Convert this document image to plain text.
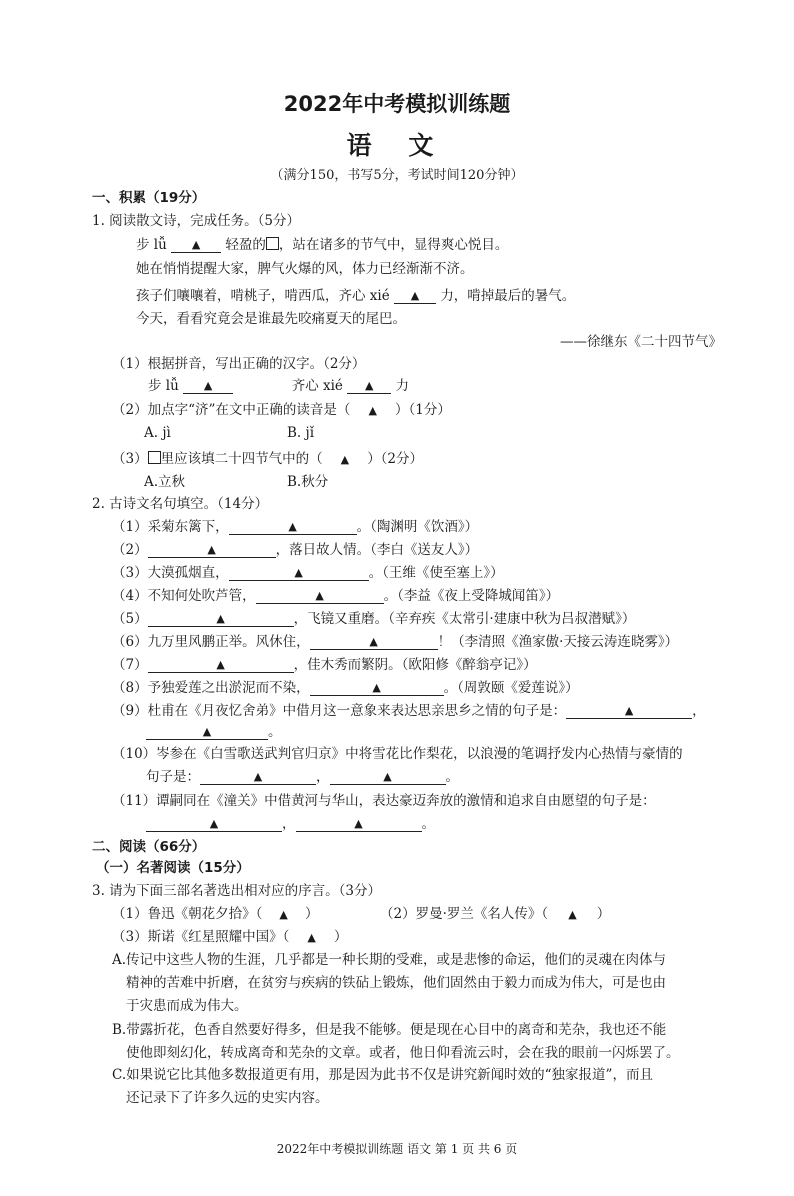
2022年中考模拟训练题
语 文
（满分150，书写5分，考试时间120分钟）
一、积累（19分）
1. 阅读散文诗，完成任务。（5分）
步 lǚ ▲ 轻盈的 ，站在诸多的节气中，显得爽心悦目。
她在悄悄提醒大家，脾气火爆的风，体力已经渐渐不济。
孩子们嚷嚷着，啃桃子，啃西瓜，齐心 xié ▲ 力，啃掉最后的暑气。
今天，看看究竟会是谁最先咬痛夏天的尾巴。
——徐继东《二十四节气》
（1）根据拼音，写出正确的汉字。（2分）
步 lǚ ▲	齐心 xié ▲ 力
（2）加点字“济”在文中正确的读音是（ ▲ ）（1分）
A. jì	B. jǐ
（3） 里应该填二十四节气中的（ ▲ ）（2分）
A.立秋	B.秋分
2. 古诗文名句填空。（14分）
（1）采菊东篱下，	▲	。（陶渊明《饮酒》）
（2）	▲	，落日故人情。（李白《送友人》）
（3）大漠孤烟直，	▲	。（王维《使至塞上》）
（4）不知何处吹芦管，	▲	。（李益《夜上受降城闻笛》）
（5）	▲	，飞镜又重磨。（辛弃疾《太常引·建康中秋为吕叔潜赋》）
（6）九万里风鹏正举。风休住，	▲	！（李清照《渔家傲·天接云涛连晓雾》）
（7）	▲	，佳木秀而繁阴。（欧阳修《醉翁亭记》）
（8）予独爱莲之出淤泥而不染，	▲	。（周敦颐《爱莲说》）
（9）杜甫在《月夜忆舍弟》中借月这一意象来表达思亲思乡之情的句子是：	▲	，
▲	。
（10）岑参在《白雪歌送武判官归京》中将雪花比作梨花，以浪漫的笔调抒发内心热情与豪情的
句子是：	▲	，	▲	。
（11）谭嗣同在《潼关》中借黄河与华山，表达豪迈奔放的激情和追求自由愿望的句子是：
▲	，	▲	。
二、阅读（66分）
（一）名著阅读（15分）
3. 请为下面三部名著选出相对应的序言。（3分）
（1）鲁迅《朝花夕拾》（ ▲ ）	（2）罗曼·罗兰《名人传》（ ▲ ）
（3）斯诺《红星照耀中国》（ ▲ ）
A.传记中这些人物的生涯，几乎都是一种长期的受难，或是悲惨的命运，他们的灵魂在肉体与
精神的苦难中折磨，在贫穷与疾病的铁砧上锻炼，他们固然由于毅力而成为伟大，可是也由
于灾患而成为伟大。
B.带露折花，色香自然要好得多，但是我不能够。便是现在心目中的离奇和芜杂，我也还不能
使他即刻幻化，转成离奇和芜杂的文章。或者，他日仰看流云时，会在我的眼前一闪烁罢了。
C.如果说它比其他多数报道更有用，那是因为此书不仅是讲究新闻时效的“独家报道”，而且
还记录下了许多久远的史实内容。
2022年中考模拟训练题 语文 第 1 页 共 6 页
